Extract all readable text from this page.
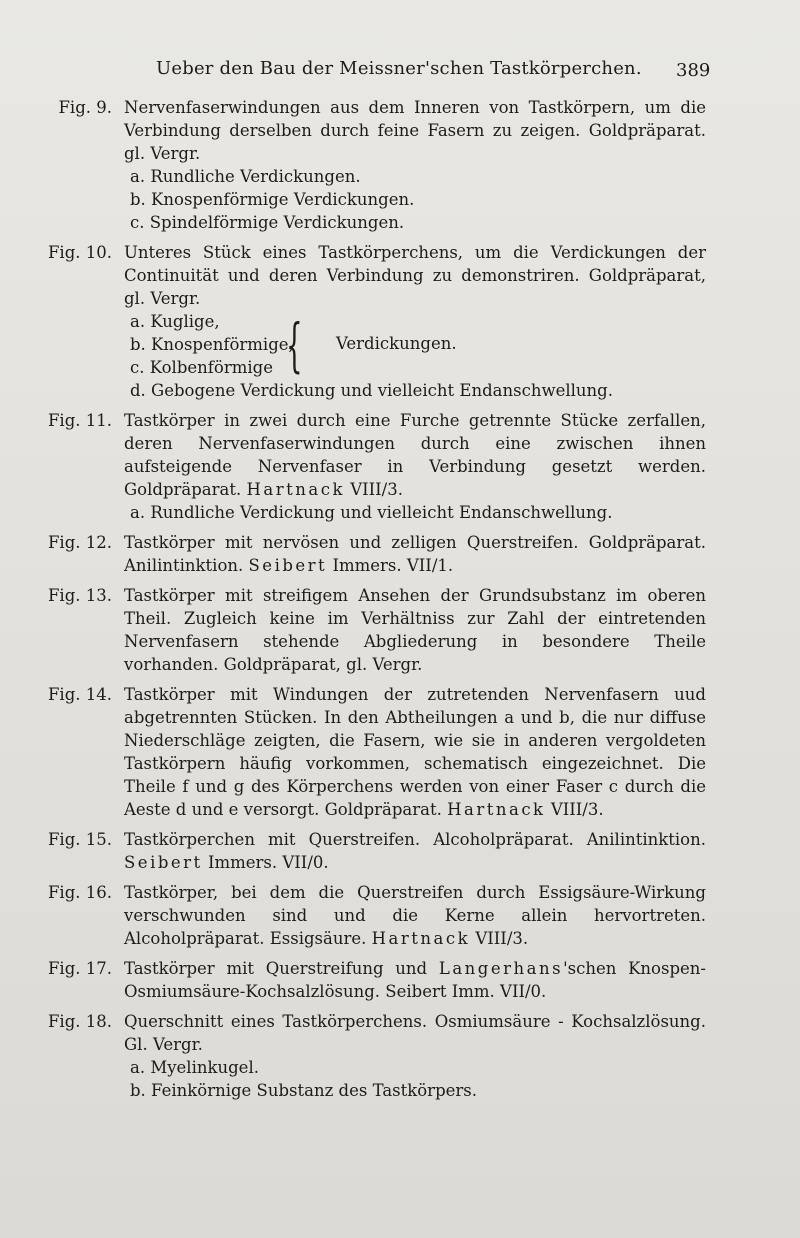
Ueber den Bau der Meissner'schen Tastkörperchen. 389
Fig. 9. Nervenfaserwindungen aus dem Inneren von Tastkörpern, um die Verbindung derselben durch feine Fasern zu zeigen. Goldpräparat. gl. Vergr.
a. Rundliche Verdickungen.
b. Knospenförmige Verdickungen.
c. Spindelförmige Verdickungen.
Fig. 10. Unteres Stück eines Tastkörperchens, um die Verdickungen der Continuität und deren Verbindung zu demonstriren. Goldpräparat, gl. Vergr.
a. Kuglige,
b. Knospenförmige,
c. Kolbenförmige { Verdickungen.
d. Gebogene Verdickung und vielleicht Endanschwellung.
Fig. 11. Tastkörper in zwei durch eine Furche getrennte Stücke zerfallen, deren Nervenfaserwindungen durch eine zwischen ihnen aufsteigende Nervenfaser in Verbindung gesetzt werden. Goldpräparat. Hartnack VIII/3.
a. Rundliche Verdickung und vielleicht Endanschwellung.
Fig. 12. Tastkörper mit nervösen und zelligen Querstreifen. Goldpräparat. Anilintinktion. Seibert Immers. VII/1.
Fig. 13. Tastkörper mit streifigem Ansehen der Grundsubstanz im oberen Theil. Zugleich keine im Verhältniss zur Zahl der eintretenden Nervenfasern stehende Abgliederung in besondere Theile vorhanden. Goldpräparat, gl. Vergr.
Fig. 14. Tastkörper mit Windungen der zutretenden Nervenfasern uud abgetrennten Stücken. In den Abtheilungen a und b, die nur diffuse Niederschläge zeigten, die Fasern, wie sie in anderen vergoldeten Tastkörpern häufig vorkommen, schematisch eingezeichnet. Die Theile f und g des Körperchens werden von einer Faser c durch die Aeste d und e versorgt. Goldpräparat. Hartnack VIII/3.
Fig. 15. Tastkörperchen mit Querstreifen. Alcoholpräparat. Anilintinktion. Seibert Immers. VII/0.
Fig. 16. Tastkörper, bei dem die Querstreifen durch Essigsäure-Wirkung verschwunden sind und die Kerne allein hervortreten. Alcoholpräparat. Essigsäure. Hartnack VIII/3.
Fig. 17. Tastkörper mit Querstreifung und Langerhans'schen Knospen-Osmiumsäure-Kochsalzlösung. Seibert Imm. VII/0.
Fig. 18. Querschnitt eines Tastkörperchens. Osmiumsäure - Kochsalzlösung. Gl. Vergr.
a. Myelinkugel.
b. Feinkörnige Substanz des Tastkörpers.
